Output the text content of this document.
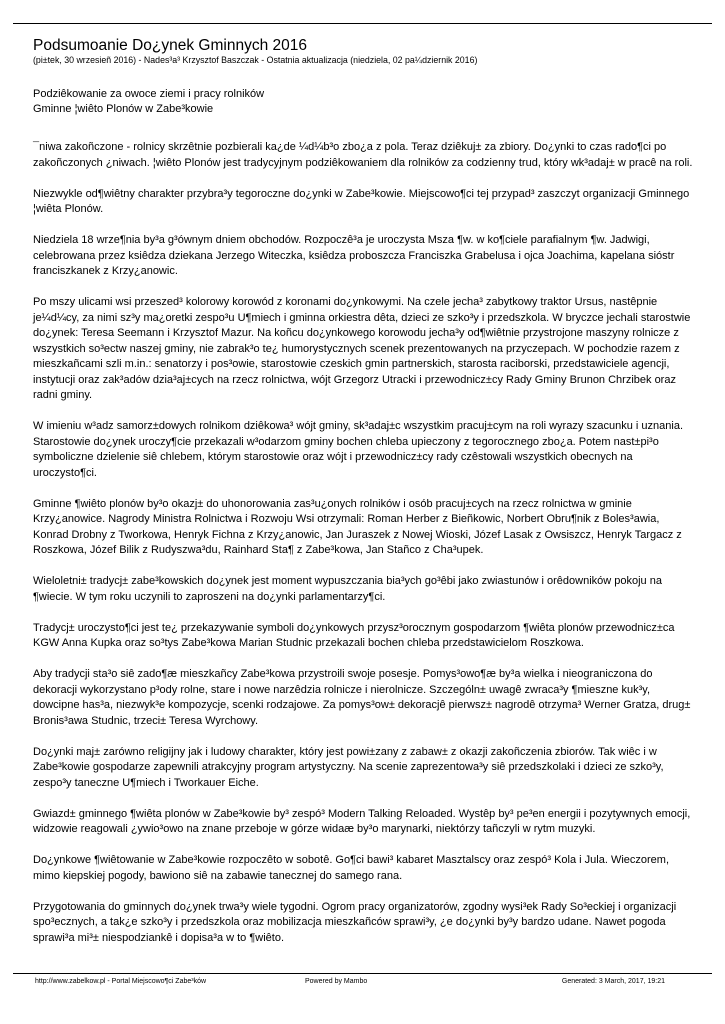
Podsumoanie Do¿ynek Gminnych 2016

(pi±tek, 30 wrzesieñ 2016) - Nades³a³ Krzysztof Baszczak - Ostatnia aktualizacja (niedziela, 02 pa¼dziernik 2016)

Podziêkowanie za owoce ziemi i pracy rolników
Gminne ¦wiêto Plonów w Zabe³kowie

¯niwa zakoñczone - rolnicy skrzêtnie pozbierali ka¿de ¼d¼b³o zbo¿a z pola. Teraz dziêkuj± za zbiory. Do¿ynki to czas rado¶ci po zakoñczonych ¿niwach. ¦wiêto Plonów jest tradycyjnym podziêkowaniem dla rolników za codzienny trud, który wk³adaj± w pracê na roli.

Niezwykle od¶wiêtny charakter przybra³y tegoroczne do¿ynki w Zabe³kowie. Miejscowo¶ci tej przypad³ zaszczyt organizacji Gminnego ¦wiêta Plonów.

Niedziela 18 wrze¶nia by³a g³ównym dniem obchodów. Rozpoczê³a je uroczysta Msza ¶w. w ko¶ciele parafialnym ¶w. Jadwigi, celebrowana przez ksiêdza dziekana Jerzego Witeczka, ksiêdza proboszcza Franciszka Grabelusa i ojca Joachima, kapelana sióstr franciszkanek z Krzy¿anowic.

Po mszy ulicami wsi przeszed³ kolorowy korowód z koronami do¿ynkowymi. Na czele jecha³ zabytkowy traktor Ursus, nastêpnie je¼d¼cy, za nimi sz³y ma¿oretki zespo³u U¶miech i gminna orkiestra dêta, dzieci ze szko³y i przedszkola. W bryczce jechali starostwie do¿ynek: Teresa Seemann i Krzysztof Mazur. Na koñcu do¿ynkowego korowodu jecha³y od¶wiêtnie przystrojone maszyny rolnicze z wszystkich so³ectw naszej gminy, nie zabrak³o te¿ humorystycznych scenek prezentowanych na przyczepach. W pochodzie razem z mieszkañcami szli m.in.: senatorzy i pos³owie, starostowie czeskich gmin partnerskich, starosta raciborski, przedstawiciele agencji, instytucji oraz zak³adów dzia³aj±cych na rzecz rolnictwa, wójt Grzegorz Utracki i przewodnicz±cy Rady Gminy Brunon Chrzibek oraz radni gminy.

W imieniu w³adz samorz±dowych rolnikom dziêkowa³ wójt gminy, sk³adaj±c wszystkim pracuj±cym na roli wyrazy szacunku i uznania. Starostowie do¿ynek uroczy¶cie przekazali w³odarzom gminy bochen chleba upieczony z tegorocznego zbo¿a. Potem nast±pi³o symboliczne dzielenie siê chlebem, którym starostowie oraz wójt i przewodnicz±cy rady czêstowali wszystkich obecnych na uroczysto¶ci.

Gminne ¶wiêto plonów by³o okazj± do uhonorowania zas³u¿onych rolników i osób pracuj±cych na rzecz rolnictwa w gminie Krzy¿anowice. Nagrody Ministra Rolnictwa i Rozwoju Wsi otrzymali: Roman Herber z Bieñkowic, Norbert Obru¶nik z Boles³awia, Konrad Drobny z Tworkowa, Henryk Fichna z Krzy¿anowic, Jan Juraszek z Nowej Wioski, Józef Lasak z Owsiszcz, Henryk Targacz z Roszkowa, Józef Bilik z Rudyszwa³du, Rainhard Sta¶ z Zabe³kowa, Jan Stañco z Cha³upek.

Wieloletni± tradycj± zabe³kowskich do¿ynek jest moment wypuszczania bia³ych go³êbi jako zwiastunów i orêdowników pokoju na ¶wiecie. W tym roku uczynili to zaproszeni na do¿ynki parlamentarzy¶ci.

Tradycj± uroczysto¶ci jest te¿ przekazywanie symboli do¿ynkowych przysz³orocznym gospodarzom ¶wiêta plonów przewodnicz±ca KGW Anna Kupka oraz so³tys Zabe³kowa Marian Studnic przekazali bochen chleba przedstawicielom Roszkowa.

Aby tradycji sta³o siê zado¶æ mieszkañcy Zabe³kowa przystroili swoje posesje. Pomys³owo¶æ by³a wielka i nieograniczona do dekoracji wykorzystano p³ody rolne, stare i nowe narzêdzia rolnicze i nierolnicze. Szczególn± uwagê zwraca³y ¶mieszne kuk³y, dowcipne has³a, niezwyk³e kompozycje, scenki rodzajowe. Za pomys³ow± dekoracjê pierwsz± nagrodê otrzyma³ Werner Gratza, drug± Bronis³awa Studnic, trzeci± Teresa Wyrchowy.

Do¿ynki maj± zarówno religijny jak i ludowy charakter, który jest powi±zany z zabaw± z okazji zakoñczenia zbiorów. Tak wiêc i w Zabe³kowie gospodarze zapewnili atrakcyjny program artystyczny. Na scenie zaprezentowa³y siê przedszkolaki i dzieci ze szko³y, zespo³y taneczne U¶miech i Tworkauer Eiche.

Gwiazd± gminnego ¶wiêta plonów w Zabe³kowie by³ zespó³ Modern Talking Reloaded. Wystêp by³ pe³en energii i pozytywnych emocji, widzowie reagowali ¿ywio³owo na znane przeboje w górze widaæ by³o marynarki, niektórzy tañczyli w rytm muzyki.

Do¿ynkowe ¶wiêtowanie w Zabe³kowie rozpoczêto w sobotê. Go¶ci bawi³ kabaret Masztalscy oraz zespó³ Kola i Jula. Wieczorem, mimo kiepskiej pogody, bawiono siê na zabawie tanecznej do samego rana.

Przygotowania do gminnych do¿ynek trwa³y wiele tygodni. Ogrom pracy organizatorów, zgodny wysi³ek Rady So³eckiej i organizacji spo³ecznych, a tak¿e szko³y i przedszkola oraz mobilizacja mieszkañców sprawi³y, ¿e do¿ynki by³y bardzo udane. Nawet pogoda sprawi³a mi³± niespodziankê i dopisa³a w to ¶wiêto.

http://www.zabelkow.pl - Portal Miejscowo¶ci Zabe³ków	Powered by Mambo	Generated: 3 March, 2017, 19:21
